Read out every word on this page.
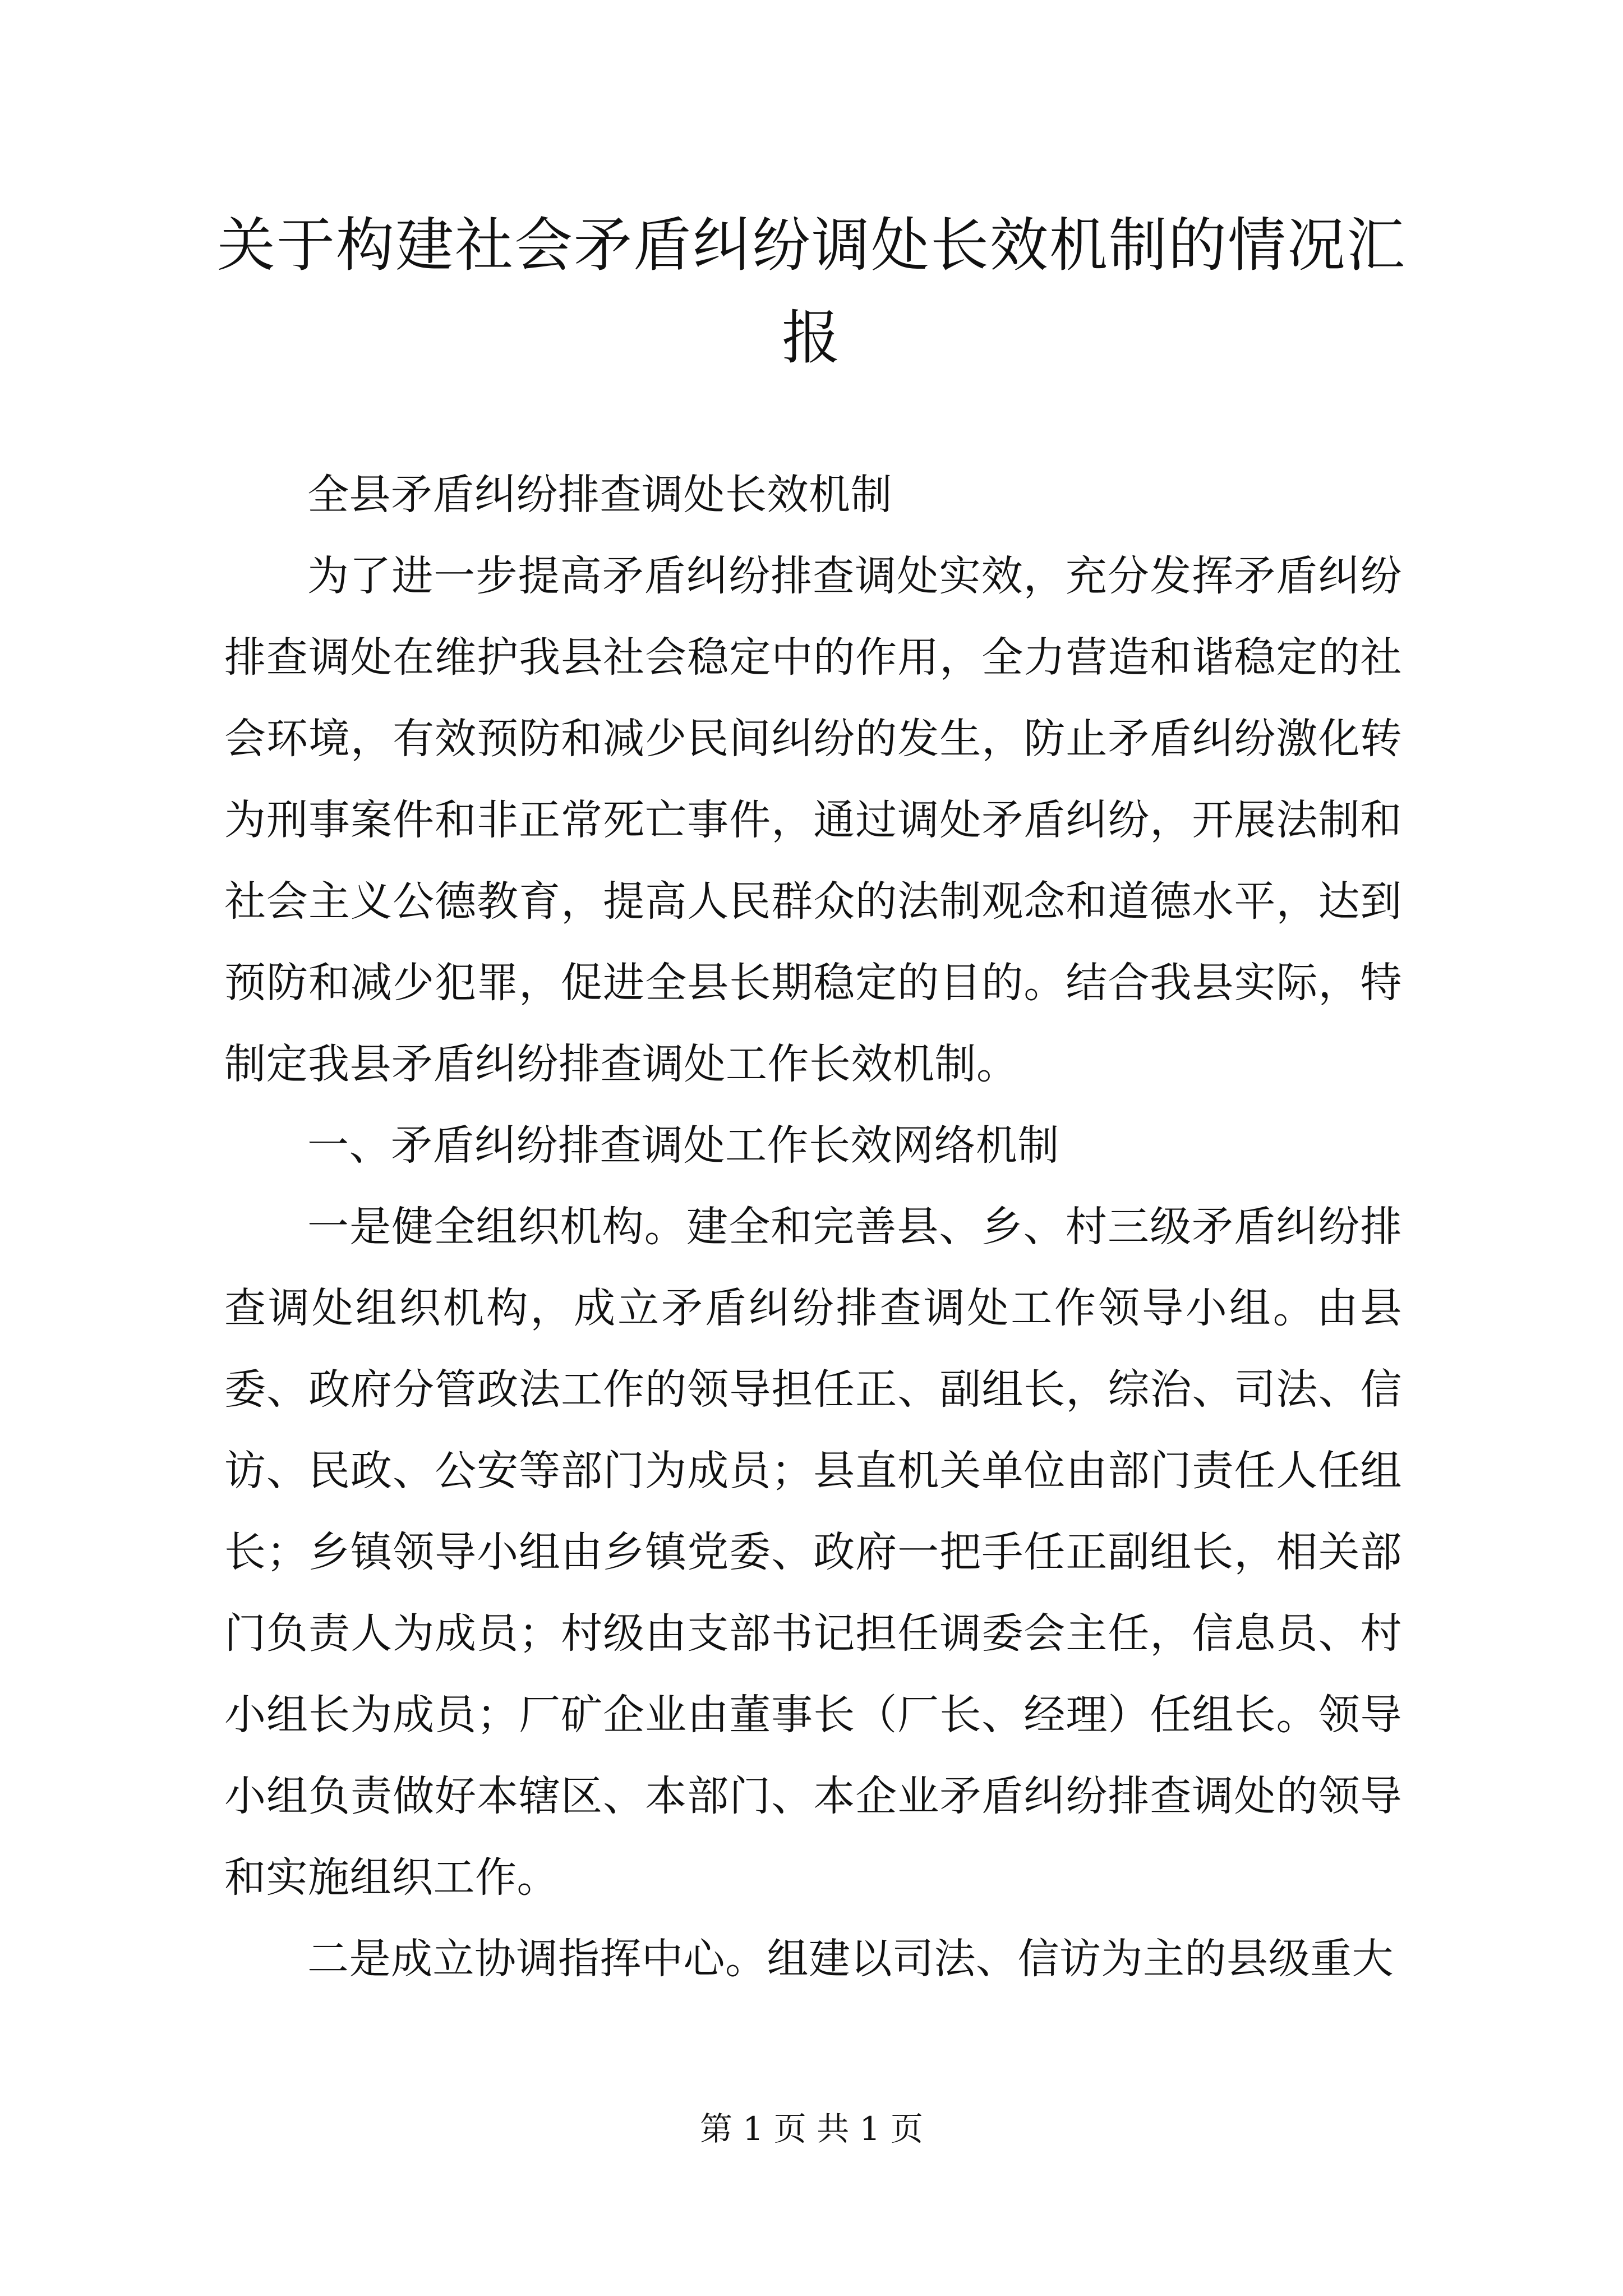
关于构建社会矛盾纠纷调处长效机制的情况汇报

全县矛盾纠纷排查调处长效机制

为了进一步提高矛盾纠纷排查调处实效，充分发挥矛盾纠纷排查调处在维护我县社会稳定中的作用，全力营造和谐稳定的社会环境，有效预防和减少民间纠纷的发生，防止矛盾纠纷激化转为刑事案件和非正常死亡事件，通过调处矛盾纠纷，开展法制和社会主义公德教育，提高人民群众的法制观念和道德水平，达到预防和减少犯罪，促进全县长期稳定的目的。结合我县实际，特制定我县矛盾纠纷排查调处工作长效机制。

一、矛盾纠纷排查调处工作长效网络机制

一是健全组织机构。建全和完善县、乡、村三级矛盾纠纷排查调处组织机构，成立矛盾纠纷排查调处工作领导小组。由县委、政府分管政法工作的领导担任正、副组长，综治、司法、信访、民政、公安等部门为成员；县直机关单位由部门责任人任组长；乡镇领导小组由乡镇党委、政府一把手任正副组长，相关部门负责人为成员；村级由支部书记担任调委会主任，信息员、村小组长为成员；厂矿企业由董事长（厂长、经理）任组长。领导小组负责做好本辖区、本部门、本企业矛盾纠纷排查调处的领导和实施组织工作。

二是成立协调指挥中心。组建以司法、信访为主的县级重大

第 1 页 共 1 页
